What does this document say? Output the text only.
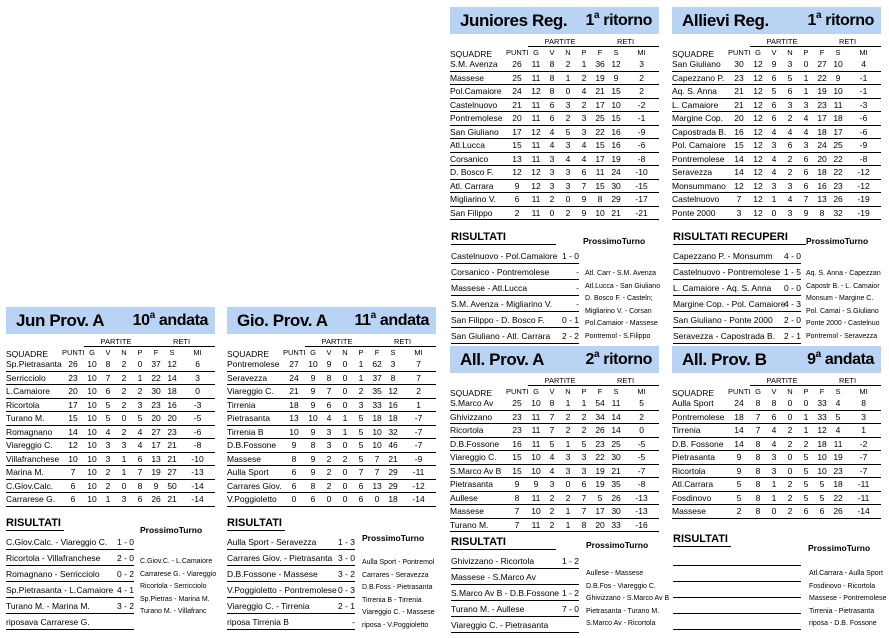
Juniores Reg. 1$^a$ ritorno
		PARTITE				RETI		
SQUADRE	PUNTI	G	V	N	P	F	S	MI
S.M. Avenza	26	11	8	2	1	36	12	3
Massese	25	11	8	1	2	19	9	2
Pol.Camaiore	24	12	8	0	4	21	15	2
Castelnuovo	21	11	6	3	2	17	10	-2
Pontremolese	20	11	6	2	3	25	15	-1
San Giuliano	17	12	4	5	3	22	16	-9
Atl.Lucca	15	11	4	3	4	15	16	-6
Corsanico	13	11	3	4	4	17	19	-8
D. Bosco F.	12	12	3	3	6	11	24	-10
Atl. Carrara	9	12	3	3	7	15	30	-15
Migliarino V.	6	11	2	0	9	8	29	-17
San Filippo	2	11	0	2	9	10	21	-21
Allievi Reg. 1$^a$ ritorno
		PARTITE				RETI		
SQUADRE	PUNTI	G	V	N	P	F	S	MI
San Giuliano	30	12	9	3	0	27	10	4
Capezzano P.	23	12	6	5	1	22	9	-1
Aq. S. Anna	21	12	5	6	1	19	10	-1
L. Camaiore	21	12	6	3	3	23	11	-3
Margine Cop.	20	12	6	2	4	17	18	-6
Capostrada B.	16	12	4	4	4	18	17	-6
Pol. Camaiore	15	12	3	6	3	24	25	-9
Pontremolese	14	12	4	2	6	20	22	-8
Seravezza	14	12	4	2	6	18	22	-12
Monsummano	12	12	3	3	6	16	23	-12
Castelnuovo	7	12	1	4	7	13	26	-19
Ponte 2000	3	12	0	3	9	8	32	-19
Jun Prov. A 10$^a$ andata
		PARTITE				RETI		
SQUADRE	PUNTI	G	V	N	P	F	S	MI
Sp.Pietrasanta	26	10	8	2	0	37	12	6
Serricciolo	23	10	7	2	1	22	14	3
L.Camaiore	20	10	6	2	2	30	18	0
Ricortola	17	10	5	2	3	23	16	-3
Turano M.	15	10	5	0	5	20	20	-5
Romagnano	14	10	4	2	4	27	23	-6
Viareggio C.	12	10	3	3	4	17	21	-8
Villafranchese	10	10	3	1	6	13	21	-10
Marina M.	7	10	2	1	7	19	27	-13
C.Giov.Calc.	6	10	2	0	8	9	50	-14
Carrarese G.	6	10	1	3	6	26	21	-14
Gio. Prov. A 11$^a$ andata
		PARTITE				RETI		
SQUADRE	PUNTI	G	V	N	P	F	S	MI
Pontremolese	27	10	9	0	1	62	3	7
Seravezza	24	9	8	0	1	37	8	7
Viareggio C.	21	9	7	0	2	35	12	2
Tirrenia	18	9	6	0	3	33	16	1
Pietrasanta	13	10	4	1	5	18	18	-7
Tirrenia B	10	9	3	1	5	10	32	-7
D.B.Fossone	9	8	3	0	5	10	46	-7
Massese	8	9	2	2	5	7	21	-9
Aulla Sport	6	9	2	0	7	7	29	-11
Carrares Giov.	6	8	2	0	6	13	29	-12
V.Poggioletto	0	6	0	0	6	0	18	-14
All. Prov. A	2$^a$ ritorno
		PARTITE				RETI		
SQUADRE	PUNTI	G	V	N	P	F	S	MI
S.Marco Av	25	10	8	1	1	54	11	5
Ghivizzano	23	11	7	2	2	34	14	2
Ricortola	23	11	7	2	2	26	14	0
D.B.Fossone	16	11	5	1	5	23	25	-5
Viareggio C.	15	10	4	3	3	22	30	-5
S.Marco Av B	15	10	4	3	3	19	21	-7
Pietrasanta	9	9	3	0	6	19	35	-8
Aullese	8	11	2	2	7	5	26	-13
Massese	7	10	2	1	7	17	30	-13
Turano M.	7	11	2	1	8	20	33	-16
All. Prov. B	9$^a$ andata
		PARTITE				RETI		
SQUADRE	PUNTI	G	V	N	P	F	S	MI
Aulla Sport	24	8	8	0	0	33	4	8
Pontremolese	18	7	6	0	1	33	5	3
Tirrenia	14	7	4	2	1	12	4	1
D.B. Fossone	14	8	4	2	2	18	11	-2
Pietrasanta	9	8	3	0	5	10	19	-7
Ricortola	9	8	3	0	5	10	23	-7
Atl.Carrara	5	8	1	2	5	5	18	-11
Fosdinovo	5	8	1	2	5	5	22	-11
Massese	2	8	0	2	6	6	26	-14
RISULTATI
Castelnuovo - Pol.Camaiore 1 - 0
Corsanico - Pontremolese	-
Massese - Atl.Lucca	-
S.M. Avenza - Migliarino V.	-
San Filippo - D. Bosco F. 0 - 1
San Giuliano - Atl. Carrara 2 - 2
ProssimoTurno
Atl. Carr - S.M. Avenza
Atl.Lucca - San Giuliano
D. Bosco F. - Casteln;
Migliarino V. - Corsan
Pol.Camaior - Massese
Pontremol - S.Filippo
RISULTATI RECUPERI
Capezzano P. - Monsumm 4 - 0
Castelnuovo - Pontremolese 1 - 5
L. Camaiore - Aq. S. Anna 0 - 0
Margine Cop. - Pol. Camaiore
4 - 3
San Giuliano - Ponte 2000 2 - 0
Seravezza - Capostrada B. 2 - 1
ProssimoTurno
Aq. S. Anna - Capezzan
Capostr B. - L. Camaior
Monsum - Margine C.
Pol. Camai - S.Giuliano
Ponte 2000 - Castelnuo
Pontremol - Seravezza
RISULTATI
C.Giov.Calc. - Viareggio C. 1 - 0
Ricortola - Villafranchese 2 - 0
Romagnano - Serricciolo 0 - 2
Sp.Pietrasanta - L.Camaiore 4 - 1
Turano M. - Marina M.	3 - 2
riposava Carrarese G.
ProssimoTurno
C.Giov.C. - L.Camaiore
Carrarese G. - Viareggio
Ricortola - Serricciolo
Sp.Pietras - Marina M.
Turano M. - Villafranc
RISULTATI
Aulla Sport - Seravezza	1 - 3
Carrares Giov. - Pietrasanta 3 - 0
D.B.Fossone - Massese 3 - 2
V.Poggioletto - Pontremolese 0 - 3
Viareggio C. - Tirrenia	2 - 1
riposa Tirrenia B	-
ProssimoTurno
Aulla Sport - Pontremol
Carrares - Seravezza
D.B.Foss - Pietrasanta
Tirrenia B - Tirrenia
Viareggio C. - Massese
riposa - V.Poggioletto
RISULTATI
Ghivizzano - Ricortola	1 - 2
Massese - S.Marco Av
S.Marco Av B - D.B.Fossone 1 - 2
Turano M. - Aullese	7 - 0
Viareggio C. - Pietrasanta
ProssimoTurno
Aullese - Massese
D.B.Fos - Viareggio C.
Ghivizzano - S.Marco Av B
Pietrasanta - Turano M.
S.Marco Av - Ricortola
RISULTATI
ProssimoTurno
Atl.Carrara - Aulla Sport
Fosdinovo - Ricortola
Massese - Pontremolese
Tirrenia - Pietrasanta
riposa - D.B. Fossone
